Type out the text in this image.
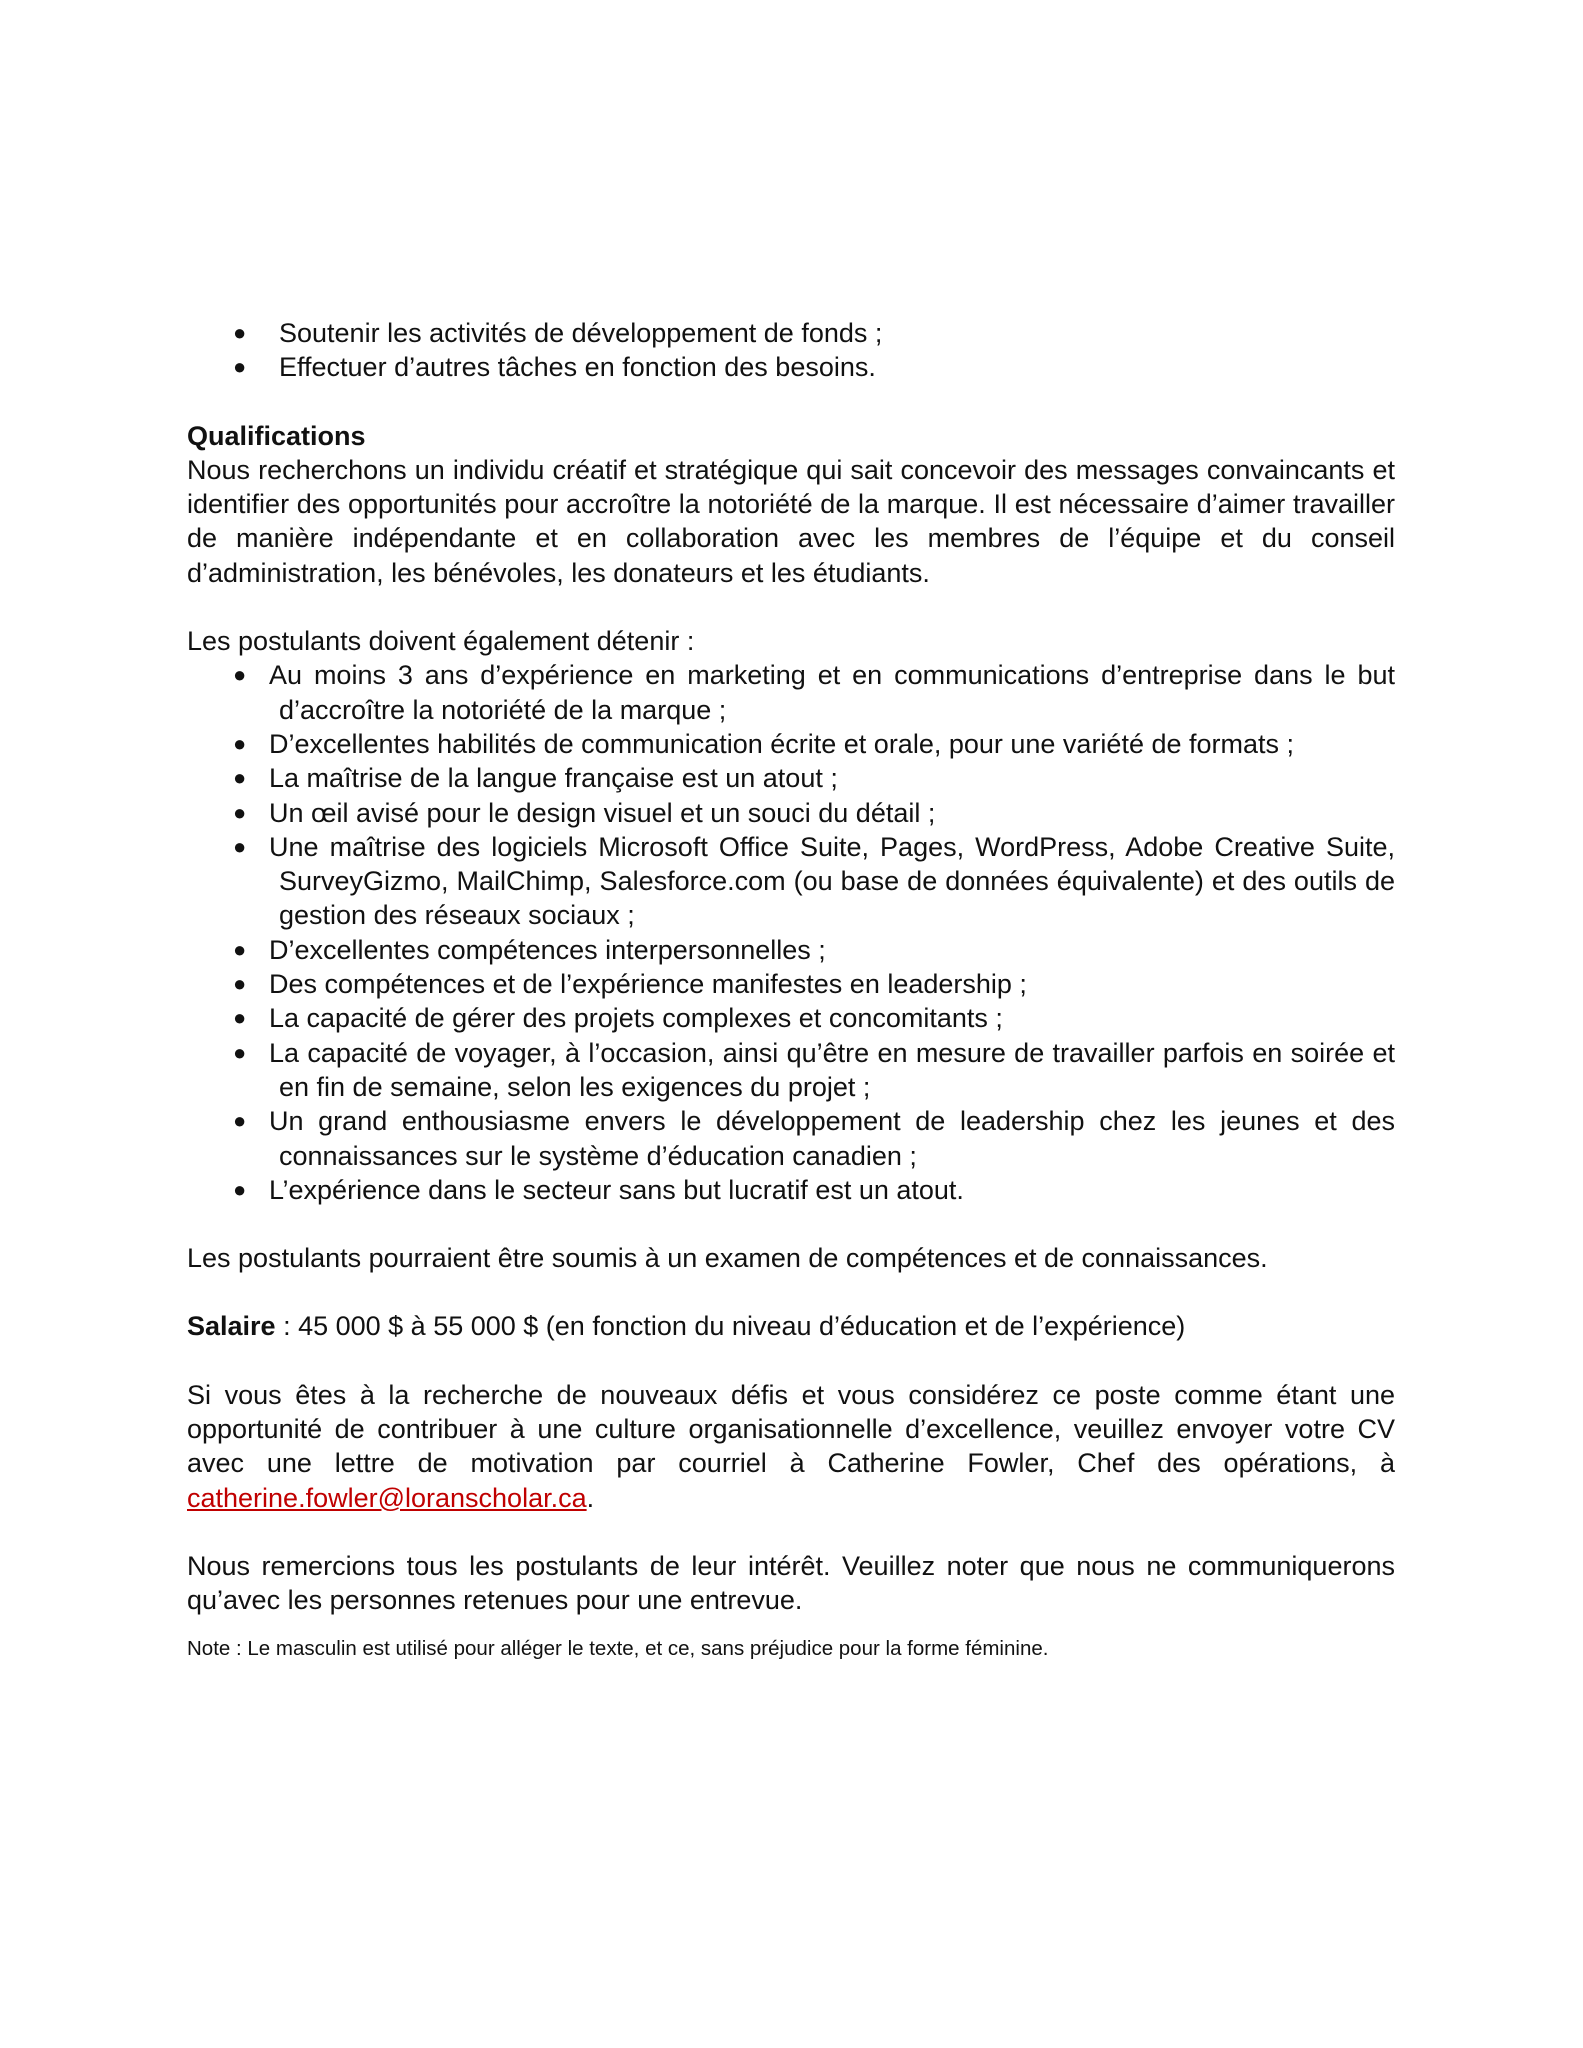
● Soutenir les activités de développement de fonds ;
● Effectuer d’autres tâches en fonction des besoins.

Qualifications

Nous recherchons un individu créatif et stratégique qui sait concevoir des messages convaincants et identifier des opportunités pour accroître la notoriété de la marque. Il est nécessaire d’aimer travailler de manière indépendante et en collaboration avec les membres de l’équipe et du conseil d’administration, les bénévoles, les donateurs et les étudiants.

Les postulants doivent également détenir :

● Au moins 3 ans d’expérience en marketing et en communications d’entreprise dans le but d’accroître la notoriété de la marque ;
● D’excellentes habilités de communication écrite et orale, pour une variété de formats ;
● La maîtrise de la langue française est un atout ;
● Un œil avisé pour le design visuel et un souci du détail ;
● Une maîtrise des logiciels Microsoft Office Suite, Pages, WordPress, Adobe Creative Suite, SurveyGizmo, MailChimp, Salesforce.com (ou base de données équivalente) et des outils de gestion des réseaux sociaux ;
● D’excellentes compétences interpersonnelles ;
● Des compétences et de l’expérience manifestes en leadership ;
● La capacité de gérer des projets complexes et concomitants ;
● La capacité de voyager, à l’occasion, ainsi qu’être en mesure de travailler parfois en soirée et en fin de semaine, selon les exigences du projet ;
● Un grand enthousiasme envers le développement de leadership chez les jeunes et des connaissances sur le système d’éducation canadien ;
● L’expérience dans le secteur sans but lucratif est un atout.

Les postulants pourraient être soumis à un examen de compétences et de connaissances.

Salaire : 45 000 $ à 55 000 $ (en fonction du niveau d’éducation et de l’expérience)

Si vous êtes à la recherche de nouveaux défis et vous considérez ce poste comme étant une opportunité de contribuer à une culture organisationnelle d’excellence, veuillez envoyer votre CV avec une lettre de motivation par courriel à Catherine Fowler, Chef des opérations, à catherine.fowler@loranscholar.ca.

Nous remercions tous les postulants de leur intérêt. Veuillez noter que nous ne communiquerons qu’avec les personnes retenues pour une entrevue.

Note : Le masculin est utilisé pour alléger le texte, et ce, sans préjudice pour la forme féminine.
